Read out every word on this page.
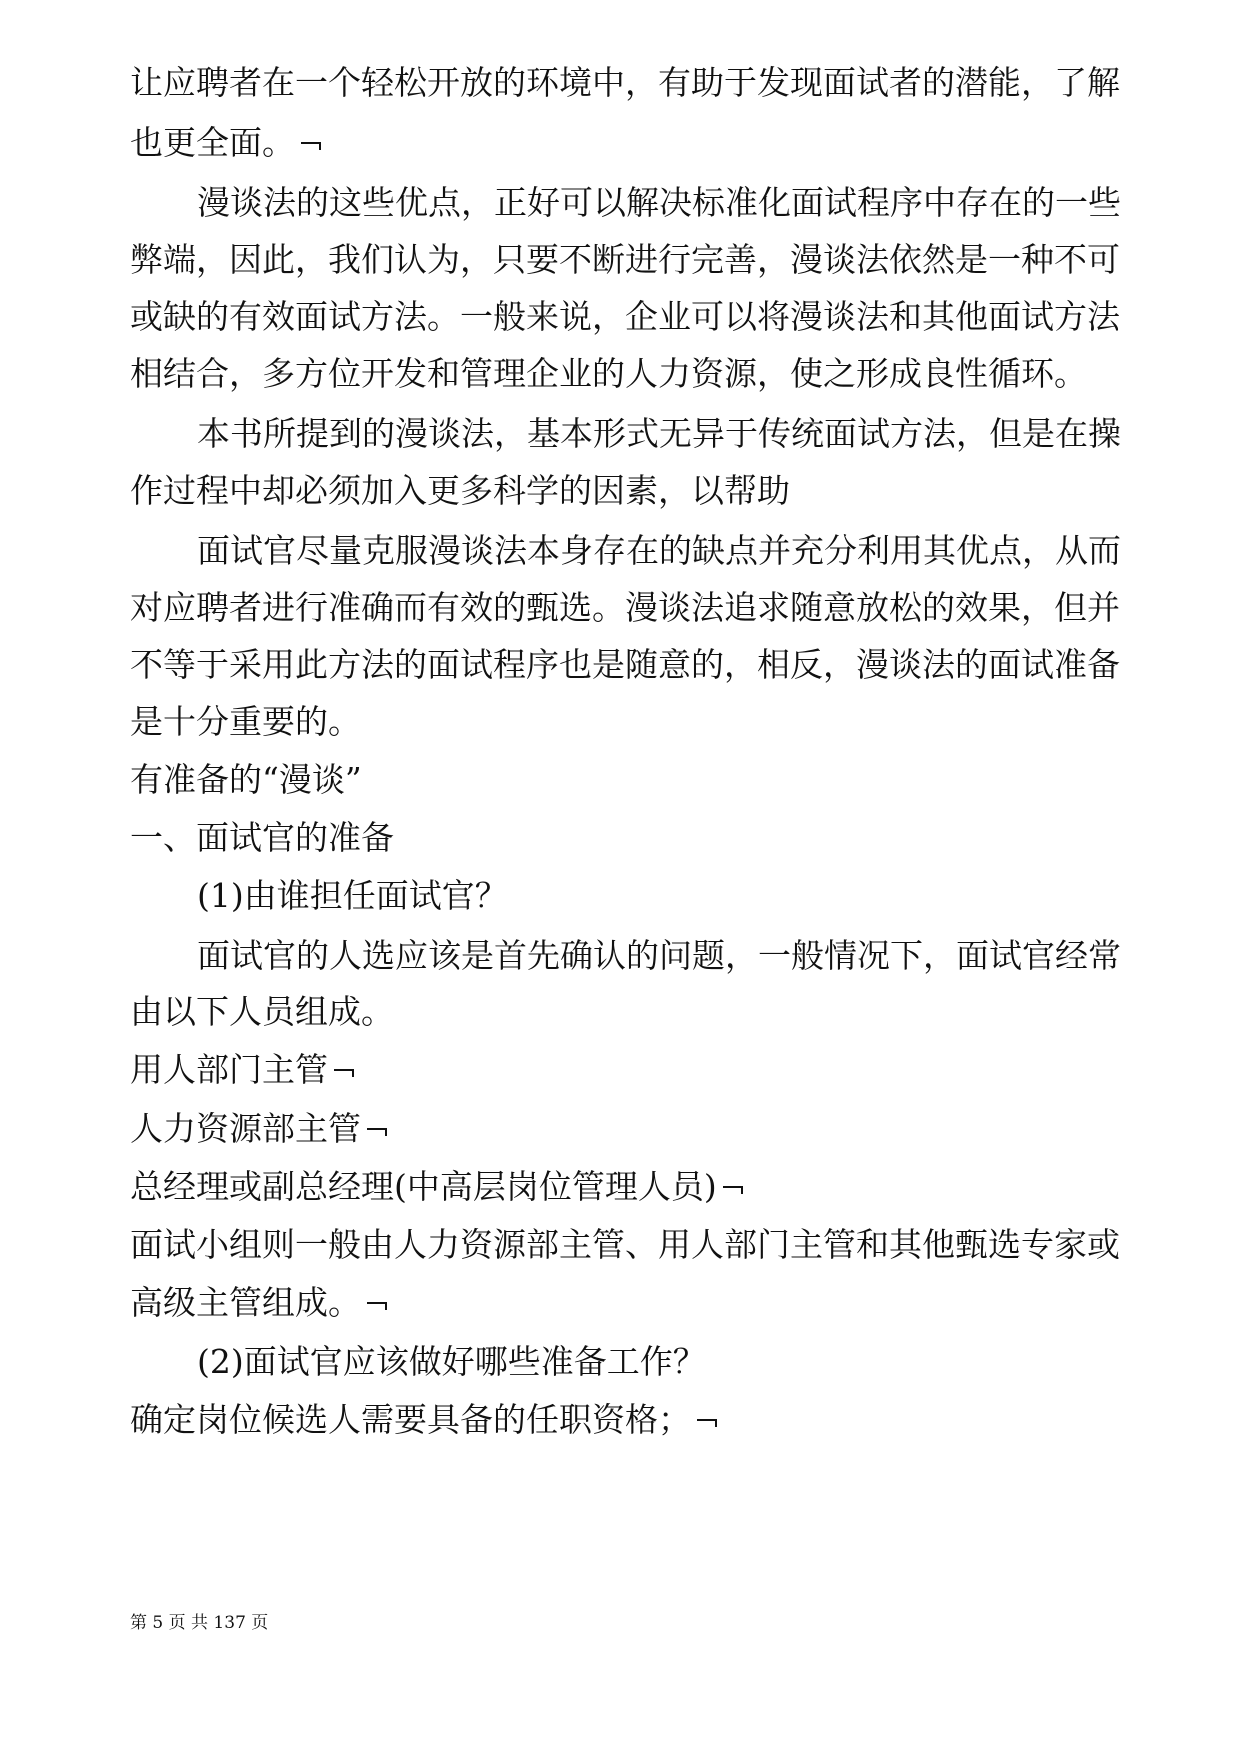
让应聘者在一个轻松开放的环境中，有助于发现面试者的潜能，了解
也更全面。
漫谈法的这些优点，正好可以解决标准化面试程序中存在的一些
弊端，因此，我们认为，只要不断进行完善，漫谈法依然是一种不可
或缺的有效面试方法。一般来说，企业可以将漫谈法和其他面试方法
相结合，多方位开发和管理企业的人力资源，使之形成良性循环。
本书所提到的漫谈法，基本形式无异于传统面试方法，但是在操
作过程中却必须加入更多科学的因素，以帮助
面试官尽量克服漫谈法本身存在的缺点并充分利用其优点，从而
对应聘者进行准确而有效的甄选。漫谈法追求随意放松的效果，但并
不等于采用此方法的面试程序也是随意的，相反，漫谈法的面试准备
是十分重要的。
有准备的“漫谈”
一、面试官的准备
(1)由谁担任面试官？
面试官的人选应该是首先确认的问题，一般情况下，面试官经常
由以下人员组成。
用人部门主管
人力资源部主管
总经理或副总经理(中高层岗位管理人员)
面试小组则一般由人力资源部主管、用人部门主管和其他甄选专家或
高级主管组成。
(2)面试官应该做好哪些准备工作？
确定岗位候选人需要具备的任职资格；
第 5 页 共 137 页
